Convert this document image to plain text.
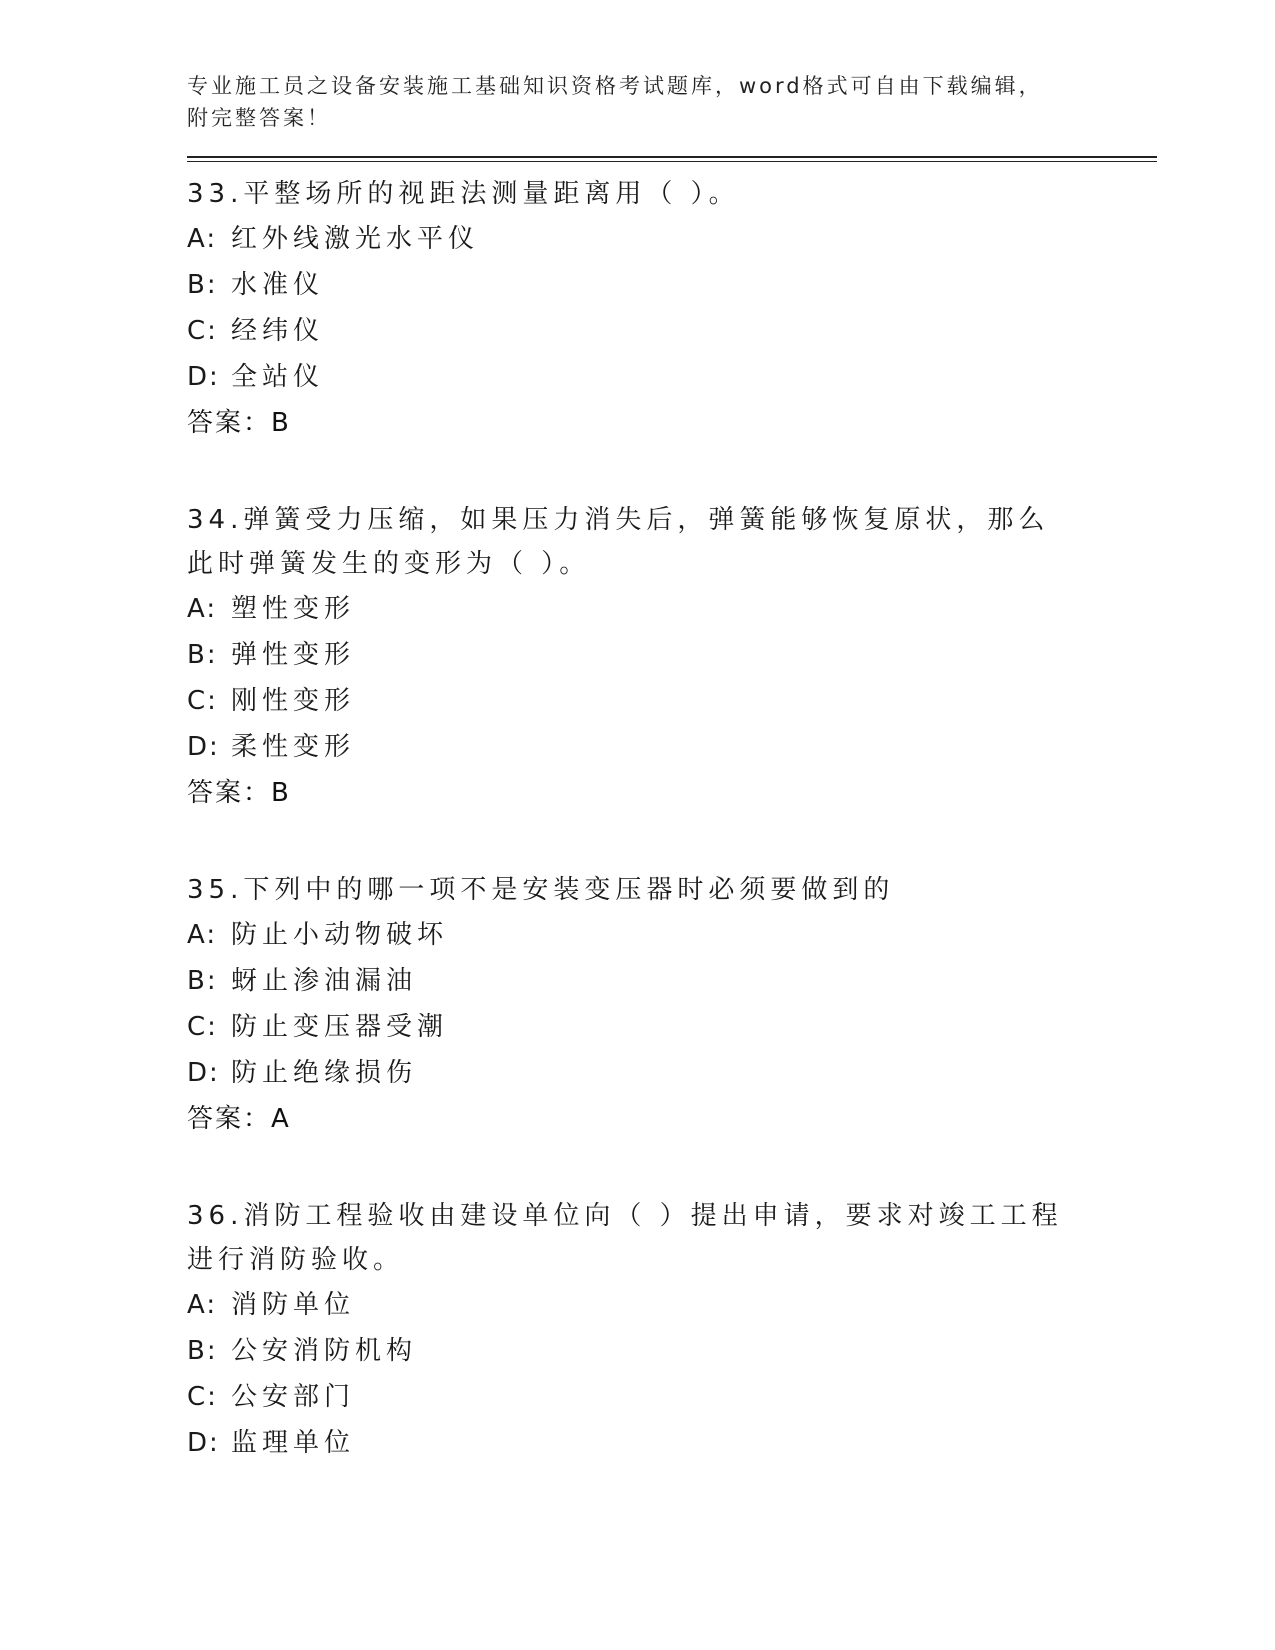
专业施工员之设备安装施工基础知识资格考试题库，word格式可自由下载编辑，
附完整答案！
33.平整场所的视距法测量距离用（ ）。
A: 红外线激光水平仪
B: 水准仪
C: 经纬仪
D: 全站仪
答案：B
34.弹簧受力压缩，如果压力消失后，弹簧能够恢复原状，那么此时弹簧发生的变形为（ ）。
A: 塑性变形
B: 弹性变形
C: 刚性变形
D: 柔性变形
答案：B
35.下列中的哪一项不是安装变压器时必须要做到的
A: 防止小动物破坏
B: 蚜止渗油漏油
C: 防止变压器受潮
D: 防止绝缘损伤
答案：A
36.消防工程验收由建设单位向（ ）提出申请，要求对竣工工程进行消防验收。
A: 消防单位
B: 公安消防机构
C: 公安部门
D: 监理单位
